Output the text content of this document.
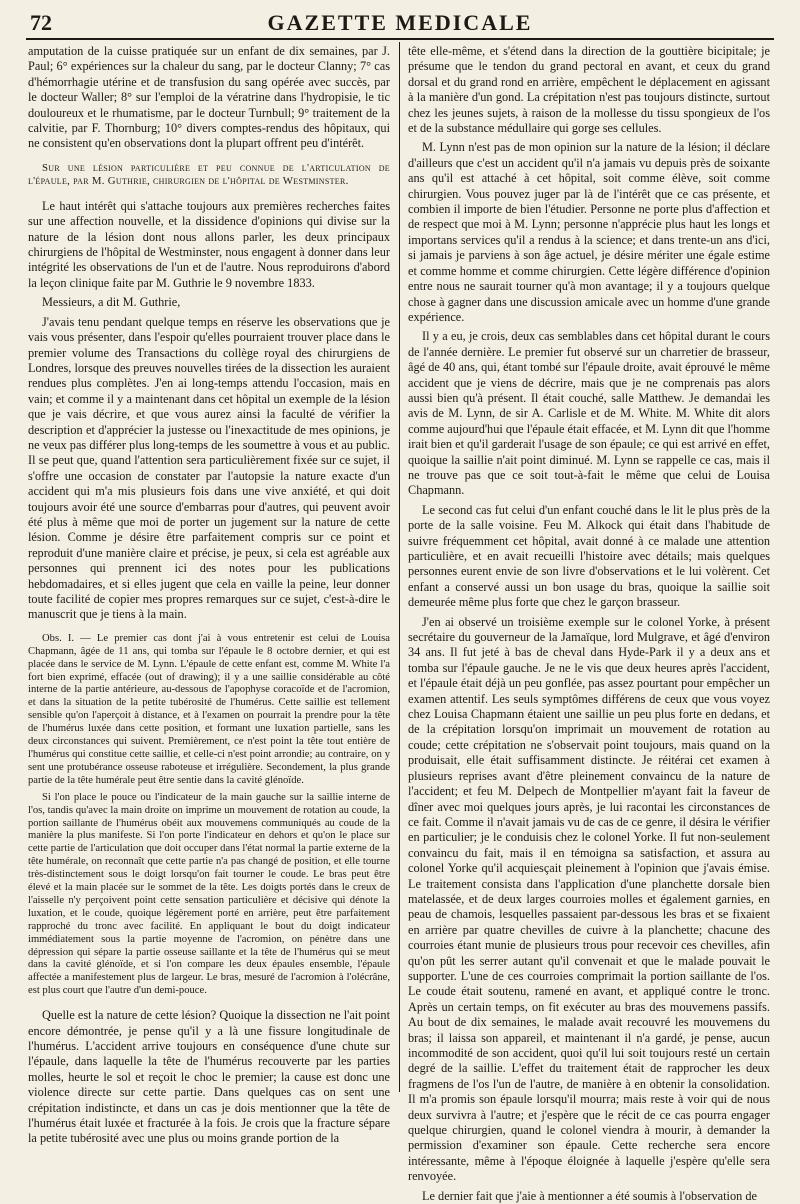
72	GAZETTE MEDICALE

amputation de la cuisse pratiquée sur un enfant de dix semaines, par J. Paul; 6° expériences sur la chaleur du sang, par le docteur Clanny; 7° cas d'hémorrhagie utérine et de transfusion du sang opérée avec succès, par le docteur Waller; 8° sur l'emploi de la vératrine dans l'hydropisie, le tic douloureux et le rhumatisme, par le docteur Turnbull; 9° traitement de la calvitie, par F. Thornburg; 10° divers comptes-rendus des hôpitaux, qui ne consistent qu'en observations dont la plupart offrent peu d'intérêt.

Sur une lésion particulière et peu connue de l'articulation de l'épaule, par M. Guthrie, chirurgien de l'hôpital de Westminster.

Le haut intérêt qui s'attache toujours aux premières recherches faites sur une affection nouvelle, et la dissidence d'opinions qui divise sur la nature de la lésion dont nous allons parler, les deux principaux chirurgiens de l'hôpital de Westminster, nous engagent à donner dans leur intégrité les observations de l'un et de l'autre. Nous reproduirons d'abord la leçon clinique faite par M. Guthrie le 9 novembre 1833.

Messieurs, a dit M. Guthrie,

J'avais tenu pendant quelque temps en réserve les observations que je vais vous présenter, dans l'espoir qu'elles pourraient trouver place dans le premier volume des Transactions du collège royal des chirurgiens de Londres, lorsque des preuves nouvelles tirées de la dissection les auraient rendues plus complètes. J'en ai long-temps attendu l'occasion, mais en vain; et comme il y a maintenant dans cet hôpital un exemple de la lésion que je vais décrire, et que vous aurez ainsi la faculté de vérifier la description et d'apprécier la justesse ou l'inexactitude de mes opinions, je ne veux pas différer plus long-temps de les soumettre à vous et au public. Il se peut que, quand l'attention sera particulièrement fixée sur ce sujet, il s'offre une occasion de constater par l'autopsie la nature exacte d'un accident qui m'a mis plusieurs fois dans une vive anxiété, et qui doit toujours avoir été une source d'embarras pour d'autres, qui peuvent avoir été plus à même que moi de porter un jugement sur la nature de cette lésion. Comme je désire être parfaitement compris sur ce point et reproduit d'une manière claire et précise, je peux, si cela est agréable aux personnes qui prennent ici des notes pour les publications hebdomadaires, et si elles jugent que cela en vaille la peine, leur donner toute facilité de copier mes propres remarques sur ce sujet, c'est-à-dire le manuscrit que je tiens à la main.

Obs. I. — Le premier cas dont j'ai à vous entretenir est celui de Louisa Chapmann, âgée de 11 ans, qui tomba sur l'épaule le 8 octobre dernier, et qui est placée dans le service de M. Lynn. L'épaule de cette enfant est, comme M. White l'a fort bien exprimé, effacée (out of drawing); il y a une saillie considérable au côté interne de la partie antérieure, au-dessous de l'apophyse coracoïde et de l'acromion, et dans la situation de la petite tubérosité de l'humérus. Cette saillie est tellement sensible qu'on l'aperçoit à distance, et à l'examen on pourrait la prendre pour la tête de l'humérus luxée dans cette position, et formant une luxation partielle, sans les deux circonstances qui suivent. Premièrement, ce n'est point la tête tout entière de l'humérus qui constitue cette saillie, et celle-ci n'est point arrondie; au contraire, on y sent une protubérance osseuse raboteuse et irrégulière. Secondement, la plus grande partie de la tête humérale peut être sentie dans la cavité glénoïde.

Si l'on place le pouce ou l'indicateur de la main gauche sur la saillie interne de l'os, tandis qu'avec la main droite on imprime un mouvement de rotation au coude, la portion saillante de l'humérus obéit aux mouvemens communiqués au coude de la manière la plus manifeste. Si l'on porte l'indicateur en dehors et qu'on le place sur cette partie de l'articulation que doit occuper dans l'état normal la partie externe de la tête humérale, on reconnaît que cette partie n'a pas changé de position, et elle tourne très-distinctement sous le doigt lorsqu'on fait tourner le coude. Le bras peut être élevé et la main placée sur le sommet de la tête. Les doigts portés dans le creux de l'aisselle n'y perçoivent point cette sensation particulière et décisive qui dénote la luxation, et le coude, quoique légèrement porté en arrière, peut être parfaitement rapproché du tronc avec facilité. En appliquant le bout du doigt indicateur immédiatement sous la partie moyenne de l'acromion, on pénètre dans une dépression qui sépare la partie osseuse saillante et la tête de l'humérus qui se meut dans la cavité glénoïde, et si l'on compare les deux épaules ensemble, l'épaule affectée a manifestement plus de largeur. Le bras, mesuré de l'acromion à l'olécrâne, est plus court que l'autre d'un demi-pouce.

Quelle est la nature de cette lésion? Quoique la dissection ne l'ait point encore démontrée, je pense qu'il y a là une fissure longitudinale de l'humérus. L'accident arrive toujours en conséquence d'une chute sur l'épaule, dans laquelle la tête de l'humérus recouverte par les parties molles, heurte le sol et reçoit le choc le premier; la cause est donc une violence directe sur cette partie. Dans quelques cas on sent une crépitation indistincte, et dans un cas je dois mentionner que la tête de l'humérus était luxée et fracturée à la fois. Je crois que la fracture sépare la petite tubérosité avec une plus ou moins grande portion de la

tête elle-même, et s'étend dans la direction de la gouttière bicipitale; je présume que le tendon du grand pectoral en avant, et ceux du grand dorsal et du grand rond en arrière, empêchent le déplacement en agissant à la manière d'un gond. La crépitation n'est pas toujours distincte, surtout chez les jeunes sujets, à raison de la mollesse du tissu spongieux de l'os et de la substance médullaire qui gorge ses cellules.

M. Lynn n'est pas de mon opinion sur la nature de la lésion; il déclare d'ailleurs que c'est un accident qu'il n'a jamais vu depuis près de soixante ans qu'il est attaché à cet hôpital, soit comme élève, soit comme chirurgien. Vous pouvez juger par là de l'intérêt que ce cas présente, et combien il importe de bien l'étudier. Personne ne porte plus d'affection et de respect que moi à M. Lynn; personne n'apprécie plus haut les longs et importans services qu'il a rendus à la science; et dans trente-un ans d'ici, si jamais je parviens à son âge actuel, je désire mériter une égale estime et comme homme et comme chirurgien. Cette légère différence d'opinion entre nous ne saurait tourner qu'à mon avantage; il y a toujours quelque chose à gagner dans une discussion amicale avec un homme d'une grande expérience.

Il y a eu, je crois, deux cas semblables dans cet hôpital durant le cours de l'année dernière. Le premier fut observé sur un charretier de brasseur, âgé de 40 ans, qui, étant tombé sur l'épaule droite, avait éprouvé le même accident que je viens de décrire, mais que je ne comprenais pas alors aussi bien qu'à présent. Il était couché, salle Matthew. Je demandai les avis de M. Lynn, de sir A. Carlisle et de M. White. M. White dit alors comme aujourd'hui que l'épaule était effacée, et M. Lynn dit que l'homme irait bien et qu'il garderait l'usage de son épaule; ce qui est arrivé en effet, quoique la saillie n'ait point diminué. M. Lynn se rappelle ce cas, mais il ne trouve pas que ce soit tout-à-fait le même que celui de Louisa Chapmann.

Le second cas fut celui d'un enfant couché dans le lit le plus près de la porte de la salle voisine. Feu M. Alkock qui était dans l'habitude de suivre fréquemment cet hôpital, avait donné à ce malade une attention particulière, et en avait recueilli l'histoire avec détails; mais quelques personnes eurent envie de son livre d'observations et le lui volèrent. Cet enfant a conservé aussi un bon usage du bras, quoique la saillie soit demeurée même plus forte que chez le garçon brasseur.

J'en ai observé un troisième exemple sur le colonel Yorke, à présent secrétaire du gouverneur de la Jamaïque, lord Mulgrave, et âgé d'environ 34 ans. Il fut jeté à bas de cheval dans Hyde-Park il y a deux ans et tomba sur l'épaule gauche. Je ne le vis que deux heures après l'accident, et l'épaule était déjà un peu gonflée, pas assez pourtant pour empêcher un examen attentif. Les seuls symptômes différens de ceux que vous voyez chez Louisa Chapmann étaient une saillie un peu plus forte en dedans, et de la crépitation lorsqu'on imprimait un mouvement de rotation au coude; cette crépitation ne s'observait point toujours, mais quand on la produisait, elle était suffisamment distincte. Je réitérai cet examen à plusieurs reprises avant d'être pleinement convaincu de la nature de l'accident; et feu M. Delpech de Montpellier m'ayant fait la faveur de dîner avec moi quelques jours après, je lui racontai les circonstances de ce fait. Comme il n'avait jamais vu de cas de ce genre, il désira le vérifier en particulier; je le conduisis chez le colonel Yorke. Il fut non-seulement convaincu du fait, mais il en témoigna sa satisfaction, et assura au colonel Yorke qu'il acquiesçait pleinement à l'opinion que j'avais émise. Le traitement consista dans l'application d'une planchette dorsale bien matelassée, et de deux larges courroies molles et également garnies, en peau de chamois, lesquelles passaient par-dessous les bras et se fixaient en arrière par quatre chevilles de cuivre à la planchette; chacune des courroies étant munie de plusieurs trous pour recevoir ces chevilles, afin qu'on pût les serrer autant qu'il convenait et que le malade pouvait le supporter. L'une de ces courroies comprimait la portion saillante de l'os. Le coude était soutenu, ramené en avant, et appliqué contre le tronc. Après un certain temps, on fit exécuter au bras des mouvemens passifs. Au bout de dix semaines, le malade avait recouvré les mouvemens du bras; il laissa son appareil, et maintenant il n'a gardé, je pense, aucun incommodité de son accident, quoi qu'il lui soit toujours resté un certain degré de la saillie. L'effet du traitement était de rapprocher les deux fragmens de l'os l'un de l'autre, de manière à en obtenir la consolidation. Il m'a promis son épaule lorsqu'il mourra; mais reste à voir qui de nous deux survivra à l'autre; et j'espère que le récit de ce cas pourra engager quelque chirurgien, quand le colonel viendra à mourir, à demander la permission d'examiner son épaule. Cette recherche sera encore intéressante, même à l'époque éloignée à laquelle j'espère qu'elle sera renvoyée.

Le dernier fait que j'aie à mentionner a été soumis à l'observation de
